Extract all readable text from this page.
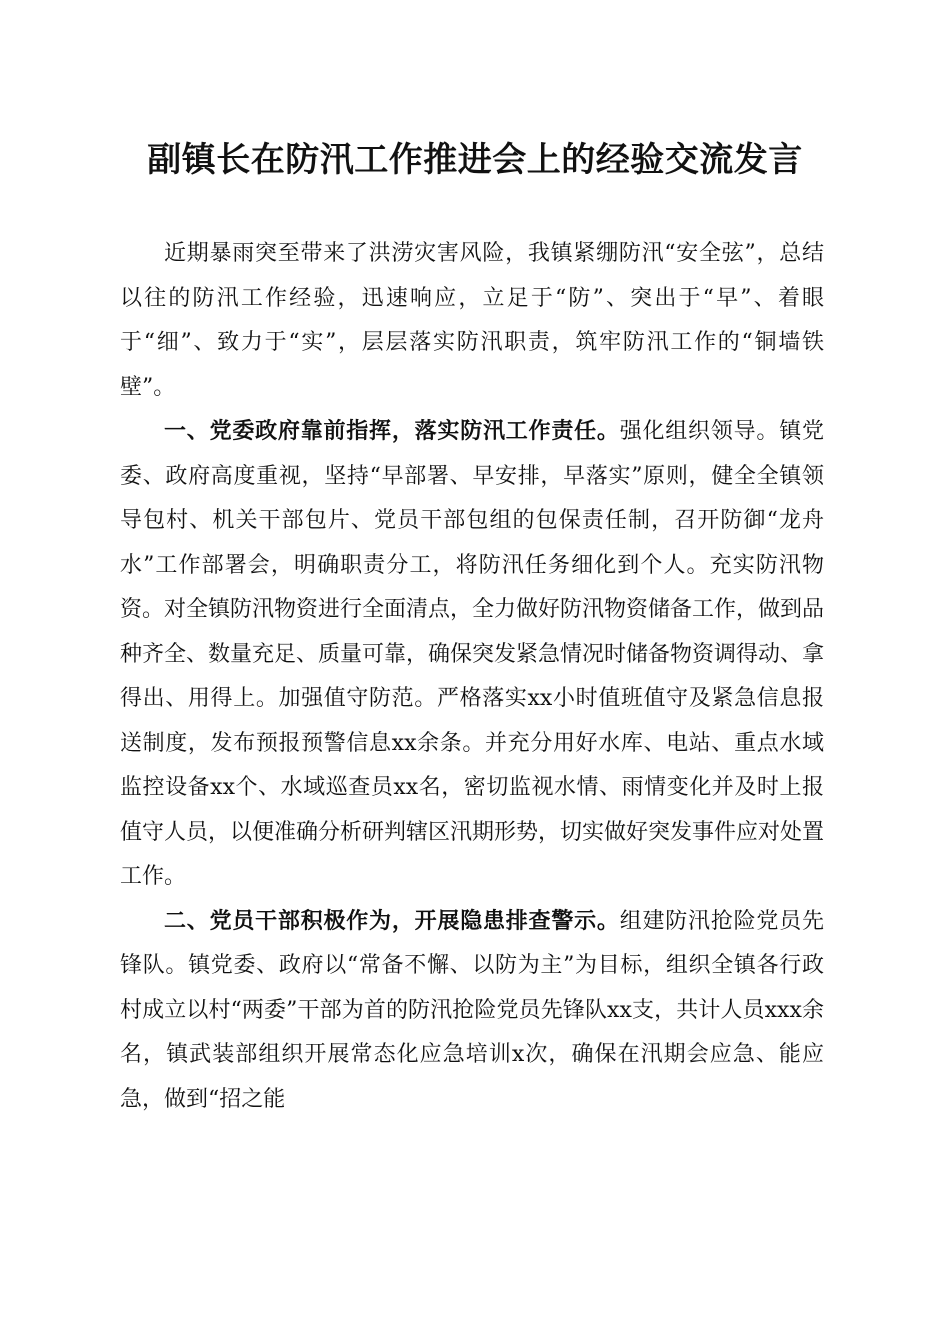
副镇长在防汛工作推进会上的经验交流发言

近期暴雨突至带来了洪涝灾害风险，我镇紧绷防汛“安全弦”，总结以往的防汛工作经验，迅速响应，立足于“防”、突出于“早”、着眼于“细”、致力于“实”，层层落实防汛职责，筑牢防汛工作的“铜墙铁壁”。

一、党委政府靠前指挥，落实防汛工作责任。强化组织领导。镇党委、政府高度重视，坚持“早部署、早安排，早落实”原则，健全全镇领导包村、机关干部包片、党员干部包组的包保责任制，召开防御“龙舟水”工作部署会，明确职责分工，将防汛任务细化到个人。充实防汛物资。对全镇防汛物资进行全面清点，全力做好防汛物资储备工作，做到品种齐全、数量充足、质量可靠，确保突发紧急情况时储备物资调得动、拿得出、用得上。加强值守防范。严格落实xx小时值班值守及紧急信息报送制度，发布预报预警信息xx余条。并充分用好水库、电站、重点水域监控设备xx个、水域巡查员xx名，密切监视水情、雨情变化并及时上报值守人员，以便准确分析研判辖区汛期形势，切实做好突发事件应对处置工作。

二、党员干部积极作为，开展隐患排查警示。组建防汛抢险党员先锋队。镇党委、政府以“常备不懈、以防为主”为目标，组织全镇各行政村成立以村“两委”干部为首的防汛抢险党员先锋队xx支，共计人员xxx余名，镇武装部组织开展常态化应急培训x次，确保在汛期会应急、能应急，做到“招之能
